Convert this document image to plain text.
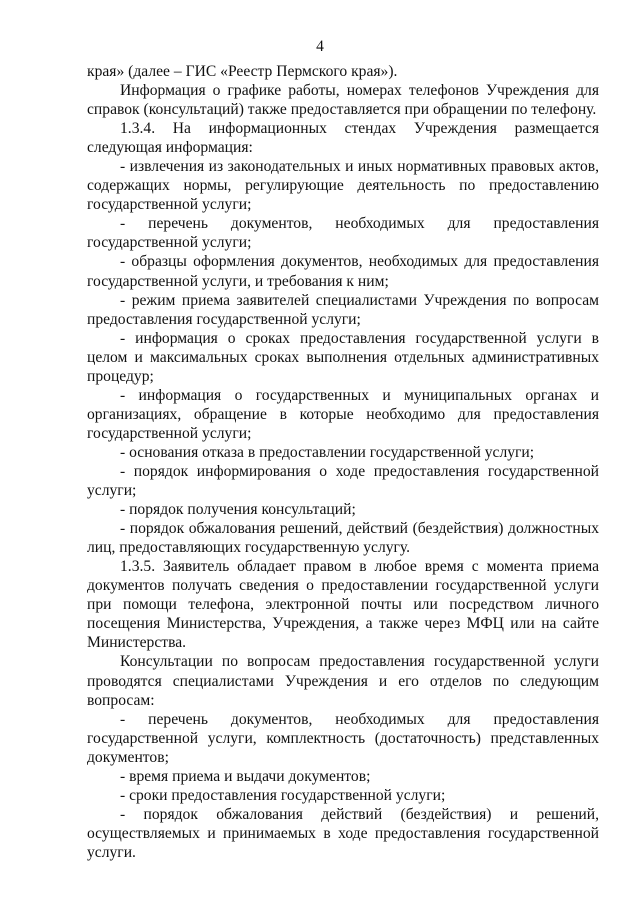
4

края» (далее – ГИС «Реестр Пермского края»).

Информация о графике работы, номерах телефонов Учреждения для справок (консультаций) также предоставляется при обращении по телефону.

1.3.4. На информационных стендах Учреждения размещается следующая информация:

- извлечения из законодательных и иных нормативных правовых актов, содержащих нормы, регулирующие деятельность по предоставлению государственной услуги;

- перечень документов, необходимых для предоставления государственной услуги;

- образцы оформления документов, необходимых для предоставления государственной услуги, и требования к ним;

- режим приема заявителей специалистами Учреждения по вопросам предоставления государственной услуги;

- информация о сроках предоставления государственной услуги в целом и максимальных сроках выполнения отдельных административных процедур;

- информация о государственных и муниципальных органах и организациях, обращение в которые необходимо для предоставления государственной услуги;

- основания отказа в предоставлении государственной услуги;

- порядок информирования о ходе предоставления государственной услуги;

- порядок получения консультаций;

- порядок обжалования решений, действий (бездействия) должностных лиц, предоставляющих государственную услугу.

1.3.5. Заявитель обладает правом в любое время с момента приема документов получать сведения о предоставлении государственной услуги при помощи телефона, электронной почты или посредством личного посещения Министерства, Учреждения, а также через МФЦ или на сайте Министерства.

Консультации по вопросам предоставления государственной услуги проводятся специалистами Учреждения и его отделов по следующим вопросам:

- перечень документов, необходимых для предоставления государственной услуги, комплектность (достаточность) представленных документов;

- время приема и выдачи документов;

- сроки предоставления государственной услуги;

- порядок обжалования действий (бездействия) и решений, осуществляемых и принимаемых в ходе предоставления государственной услуги.
